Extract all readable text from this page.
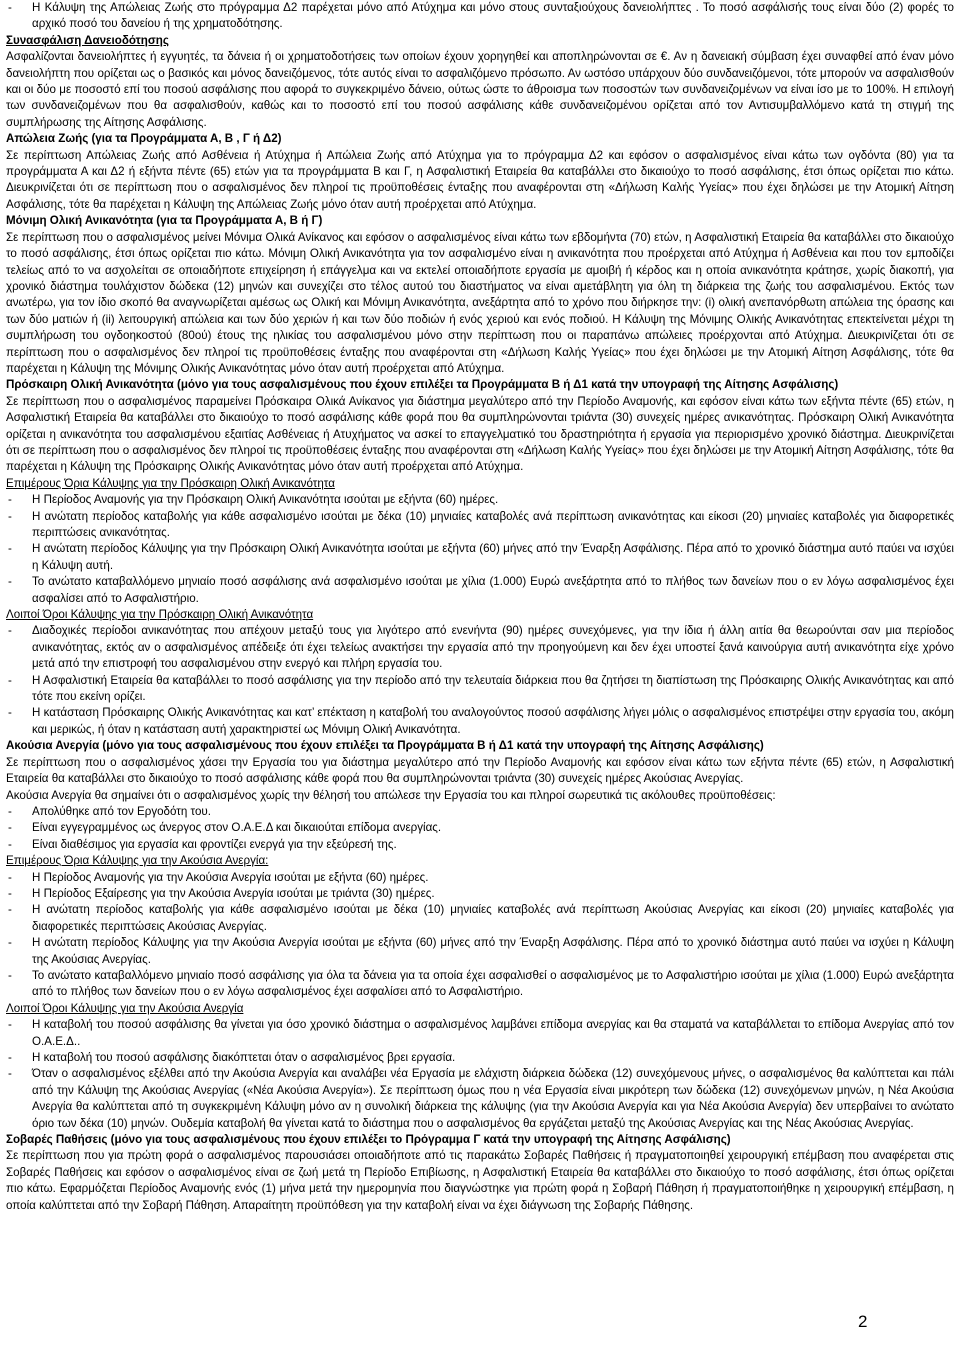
- Η Κάλυψη της Απώλειας Ζωής στο πρόγραμμα Δ2 παρέχεται μόνο από Ατύχημα και μόνο στους συνταξιούχους δανειολήπτες . Το ποσό ασφάλισής τους είναι δύο (2) φορές το αρχικό ποσό του δανείου ή της χρηματοδότησης.

Συνασφάλιση Δανειοδότησης

Ασφαλίζονται δανειολήπτες ή εγγυητές, τα δάνεια ή οι χρηματοδοτήσεις των οποίων έχουν χορηγηθεί και αποπληρώνονται σε €. Αν η δανειακή σύμβαση έχει συναφθεί από έναν μόνο δανειολήπτη που ορίζεται ως ο βασικός και μόνος δανειζόμενος, τότε αυτός είναι το ασφαλιζόμενο πρόσωπο. Αν ωστόσο υπάρχουν δύο συνδανειζόμενοι, τότε μπορούν να ασφαλισθούν και οι δύο με ποσοστό επί του ποσού ασφάλισης που αφορά το συγκεκριμένο δάνειο, ούτως ώστε το άθροισμα των ποσοστών των συνδανειζομένων να είναι ίσο με το 100%. Η επιλογή των συνδανειζομένων που θα ασφαλισθούν, καθώς και το ποσοστό επί του ποσού ασφάλισης κάθε συνδανειζομένου ορίζεται από τον Αντισυμβαλλόμενο κατά τη στιγμή της συμπλήρωσης της Αίτησης Ασφάλισης.

Απώλεια Ζωής (για τα Προγράμματα Α, Β , Γ ή Δ2)

Σε περίπτωση Απώλειας Ζωής από Ασθένεια ή Ατύχημα ή Απώλεια Ζωής από Ατύχημα για το πρόγραμμα Δ2 και εφόσον ο ασφαλισμένος είναι κάτω των ογδόντα (80) για τα προγράμματα Α και Δ2 ή εξήντα πέντε (65) ετών για τα προγράμματα Β και Γ, η Ασφαλιστική Εταιρεία θα καταβάλλει στο δικαιούχο το ποσό ασφάλισης, έτσι όπως ορίζεται πιο κάτω. Διευκρινίζεται ότι σε περίπτωση που ο ασφαλισμένος δεν πληροί τις προϋποθέσεις ένταξης που αναφέρονται στη «Δήλωση Καλής Υγείας» που έχει δηλώσει με την Ατομική Αίτηση Ασφάλισης, τότε θα παρέχεται η Κάλυψη της Απώλειας Ζωής μόνο όταν αυτή προέρχεται από Ατύχημα.

Μόνιμη Ολική Ανικανότητα (για τα Προγράμματα Α, Β ή Γ)

Σε περίπτωση που ο ασφαλισμένος μείνει Μόνιμα Ολικά Ανίκανος και εφόσον ο ασφαλισμένος είναι κάτω των εβδομήντα (70) ετών, η Ασφαλιστική Εταιρεία θα καταβάλλει στο δικαιούχο το ποσό ασφάλισης, έτσι όπως ορίζεται πιο κάτω. Μόνιμη Ολική Ανικανότητα για τον ασφαλισμένο είναι η ανικανότητα που προέρχεται από Ατύχημα ή Ασθένεια και που τον εμποδίζει τελείως από το να ασχολείται σε οποιαδήποτε επιχείρηση ή επάγγελμα και να εκτελεί οποιαδήποτε εργασία με αμοιβή ή κέρδος και η οποία ανικανότητα κράτησε, χωρίς διακοπή, για χρονικό διάστημα τουλάχιστον δώδεκα (12) μηνών και συνεχίζει στο τέλος αυτού του διαστήματος να είναι αμετάβλητη για όλη τη διάρκεια της ζωής του ασφαλισμένου. Εκτός των ανωτέρω, για τον ίδιο σκοπό θα αναγνωρίζεται αμέσως ως Ολική και Μόνιμη Ανικανότητα, ανεξάρτητα από το χρόνο που διήρκησε την: (i) ολική ανεπανόρθωτη απώλεια της όρασης και των δύο ματιών ή (ii) λειτουργική απώλεια και των δύο χεριών ή και των δύο ποδιών ή ενός χεριού και ενός ποδιού. Η Κάλυψη της Μόνιμης Ολικής Ανικανότητας επεκτείνεται μέχρι τη συμπλήρωση του ογδοηκοστού (80ού) έτους της ηλικίας του ασφαλισμένου μόνο στην περίπτωση που οι παραπάνω απώλειες προέρχονται από Ατύχημα. Διευκρινίζεται ότι σε περίπτωση που ο ασφαλισμένος δεν πληροί τις προϋποθέσεις ένταξης που αναφέρονται στη «Δήλωση Καλής Υγείας» που έχει δηλώσει με την Ατομική Αίτηση Ασφάλισης, τότε θα παρέχεται η Κάλυψη της Μόνιμης Ολικής Ανικανότητας μόνο όταν αυτή προέρχεται από Ατύχημα.

Πρόσκαιρη Ολική Ανικανότητα (μόνο για τους ασφαλισμένους που έχουν επιλέξει τα Προγράμματα Β ή Δ1 κατά την υπογραφή της Αίτησης Ασφάλισης)

Σε περίπτωση που ο ασφαλισμένος παραμείνει Πρόσκαιρα Ολικά Ανίκανος για διάστημα μεγαλύτερο από την Περίοδο Αναμονής, και εφόσον είναι κάτω των εξήντα πέντε (65) ετών, η Ασφαλιστική Εταιρεία θα καταβάλλει στο δικαιούχο το ποσό ασφάλισης κάθε φορά που θα συμπληρώνονται τριάντα (30) συνεχείς ημέρες ανικανότητας. Πρόσκαιρη Ολική Ανικανότητα ορίζεται η ανικανότητα του ασφαλισμένου εξαιτίας Ασθένειας ή Ατυχήματος να ασκεί το επαγγελματικό του δραστηριότητα ή εργασία για περιορισμένο χρονικό διάστημα. Διευκρινίζεται ότι σε περίπτωση που ο ασφαλισμένος δεν πληροί τις προϋποθέσεις ένταξης που αναφέρονται στη «Δήλωση Καλής Υγείας» που έχει δηλώσει με την Ατομική Αίτηση Ασφάλισης, τότε θα παρέχεται η Κάλυψη της Πρόσκαιρης Ολικής Ανικανότητας μόνο όταν αυτή προέρχεται από Ατύχημα.

Επιμέρους Όρια Κάλυψης για την Πρόσκαιρη Ολική Ανικανότητα

- Η Περίοδος Αναμονής για την Πρόσκαιρη Ολική Ανικανότητα ισούται με εξήντα (60) ημέρες.
- Η ανώτατη περίοδος καταβολής για κάθε ασφαλισμένο ισούται με δέκα (10) μηνιαίες καταβολές ανά περίπτωση ανικανότητας και είκοσι (20) μηνιαίες καταβολές για διαφορετικές περιπτώσεις ανικανότητας.
- Η ανώτατη περίοδος Κάλυψης για την Πρόσκαιρη Ολική Ανικανότητα ισούται με εξήντα (60) μήνες από την Έναρξη Ασφάλισης. Πέρα από το χρονικό διάστημα αυτό παύει να ισχύει η Κάλυψη αυτή.
- Το ανώτατο καταβαλλόμενο μηνιαίο ποσό ασφάλισης ανά ασφαλισμένο ισούται με χίλια (1.000) Ευρώ ανεξάρτητα από το πλήθος των δανείων που ο εν λόγω ασφαλισμένος έχει ασφαλίσει από το Ασφαλιστήριο.

Λοιποί Όροι Κάλυψης για την Πρόσκαιρη Ολική Ανικανότητα

- Διαδοχικές περίοδοι ανικανότητας που απέχουν μεταξύ τους για λιγότερο από ενενήντα (90) ημέρες συνεχόμενες, για την ίδια ή άλλη αιτία θα θεωρούνται σαν μια περίοδος ανικανότητας, εκτός αν ο ασφαλισμένος απέδειξε ότι έχει τελείως ανακτήσει την εργασία από την προηγούμενη και δεν έχει υποστεί ξανά καινούργια αυτή ανικανότητα είχε χρόνο μετά από την επιστροφή του ασφαλισμένου στην ενεργό και πλήρη εργασία του.
- Η Ασφαλιστική Εταιρεία θα καταβάλλει το ποσό ασφάλισης για την περίοδο από την τελευταία διάρκεια που θα ζητήσει τη διαπίστωση της Πρόσκαιρης Ολικής Ανικανότητας και από τότε που εκείνη ορίζει.
- Η κατάσταση Πρόσκαιρης Ολικής Ανικανότητας και κατ’ επέκταση η καταβολή του αναλογούντος ποσού ασφάλισης λήγει μόλις ο ασφαλισμένος επιστρέψει στην εργασία του, ακόμη και μερικώς, ή όταν η κατάσταση αυτή χαρακτηριστεί ως Μόνιμη Ολική Ανικανότητα.

Ακούσια Ανεργία (μόνο για τους ασφαλισμένους που έχουν επιλέξει τα Προγράμματα Β ή Δ1 κατά την υπογραφή της Αίτησης Ασφάλισης)

Σε περίπτωση που ο ασφαλισμένος χάσει την Εργασία του για διάστημα μεγαλύτερο από την Περίοδο Αναμονής και εφόσον είναι κάτω των εξήντα πέντε (65) ετών, η Ασφαλιστική Εταιρεία θα καταβάλλει στο δικαιούχο το ποσό ασφάλισης κάθε φορά που θα συμπληρώνονται τριάντα (30) συνεχείς ημέρες Ακούσιας Ανεργίας.

Ακούσια Ανεργία θα σημαίνει ότι ο ασφαλισμένος χωρίς την θέλησή του απώλεσε την Εργασία του και πληροί σωρευτικά τις ακόλουθες προϋποθέσεις:

- Απολύθηκε από τον Εργοδότη του.
- Είναι εγγεγραμμένος ως άνεργος στον Ο.Α.Ε.Δ και δικαιούται επίδομα ανεργίας.
- Είναι διαθέσιμος για εργασία και φροντίζει ενεργά για την εξεύρεσή της.

Επιμέρους Όρια Κάλυψης για την Ακούσια Ανεργία:

- Η Περίοδος Αναμονής για την Ακούσια Ανεργία ισούται με εξήντα (60) ημέρες.
- Η Περίοδος Εξαίρεσης για την Ακούσια Ανεργία ισούται με τριάντα (30) ημέρες.
- Η ανώτατη περίοδος καταβολής για κάθε ασφαλισμένο ισούται με δέκα (10) μηνιαίες καταβολές ανά περίπτωση Ακούσιας Ανεργίας και είκοσι (20) μηνιαίες καταβολές για διαφορετικές περιπτώσεις Ακούσιας Ανεργίας.
- Η ανώτατη περίοδος Κάλυψης για την Ακούσια Ανεργία ισούται με εξήντα (60) μήνες από την Έναρξη Ασφάλισης. Πέρα από το χρονικό διάστημα αυτό παύει να ισχύει η Κάλυψη της Ακούσιας Ανεργίας.
- Το ανώτατο καταβαλλόμενο μηνιαίο ποσό ασφάλισης για όλα τα δάνεια για τα οποία έχει ασφαλισθεί ο ασφαλισμένος με το Ασφαλιστήριο ισούται με χίλια (1.000) Ευρώ ανεξάρτητα από το πλήθος των δανείων που ο εν λόγω ασφαλισμένος έχει ασφαλίσει από το Ασφαλιστήριο.

Λοιποί Όροι Κάλυψης για την Ακούσια Ανεργία

- Η καταβολή του ποσού ασφάλισης θα γίνεται για όσο χρονικό διάστημα ο ασφαλισμένος λαμβάνει επίδομα ανεργίας και θα σταματά να καταβάλλεται το επίδομα Ανεργίας από τον Ο.Α.Ε.Δ..
- Η καταβολή του ποσού ασφάλισης διακόπτεται όταν ο ασφαλισμένος βρει εργασία.
- Όταν ο ασφαλισμένος εξέλθει από την Ακούσια Ανεργία και αναλάβει νέα Εργασία με ελάχιστη διάρκεια δώδεκα (12) συνεχόμενους μήνες, ο ασφαλισμένος θα καλύπτεται και πάλι από την Κάλυψη της Ακούσιας Ανεργίας («Νέα Ακούσια Ανεργία»). Σε περίπτωση όμως που η νέα Εργασία είναι μικρότερη των δώδεκα (12) συνεχόμενων μηνών, η Νέα Ακούσια Ανεργία θα καλύπτεται από τη συγκεκριμένη Κάλυψη μόνο αν η συνολική διάρκεια της κάλυψης (για την Ακούσια Ανεργία και για Νέα Ακούσια Ανεργία) δεν υπερβαίνει το ανώτατο όριο των δέκα (10) μηνών. Ουδεμία καταβολή θα γίνεται κατά το διάστημα που ο ασφαλισμένος θα εργάζεται μεταξύ της Ακούσιας Ανεργίας και της Νέας Ακούσιας Ανεργίας.

Σοβαρές Παθήσεις (μόνο για τους ασφαλισμένους που έχουν επιλέξει το Πρόγραμμα Γ κατά την υπογραφή της Αίτησης Ασφάλισης)

Σε περίπτωση που για πρώτη φορά ο ασφαλισμένος παρουσιάσει οποιαδήποτε από τις παρακάτω Σοβαρές Παθήσεις ή πραγματοποιηθεί χειρουργική επέμβαση που αναφέρεται στις Σοβαρές Παθήσεις και εφόσον ο ασφαλισμένος είναι σε ζωή μετά τη Περίοδο Επιβίωσης, η Ασφαλιστική Εταιρεία θα καταβάλλει στο δικαιούχο το ποσό ασφάλισης, έτσι όπως ορίζεται πιο κάτω. Εφαρμόζεται Περίοδος Αναμονής ενός (1) μήνα μετά την ημερομηνία που διαγνώστηκε για πρώτη φορά η Σοβαρή Πάθηση ή πραγματοποιήθηκε η χειρουργική επέμβαση, η οποία καλύπτεται από την Σοβαρή Πάθηση. Απαραίτητη προϋπόθεση για την καταβολή είναι να έχει διάγνωση της Σοβαρής Πάθησης.

2
